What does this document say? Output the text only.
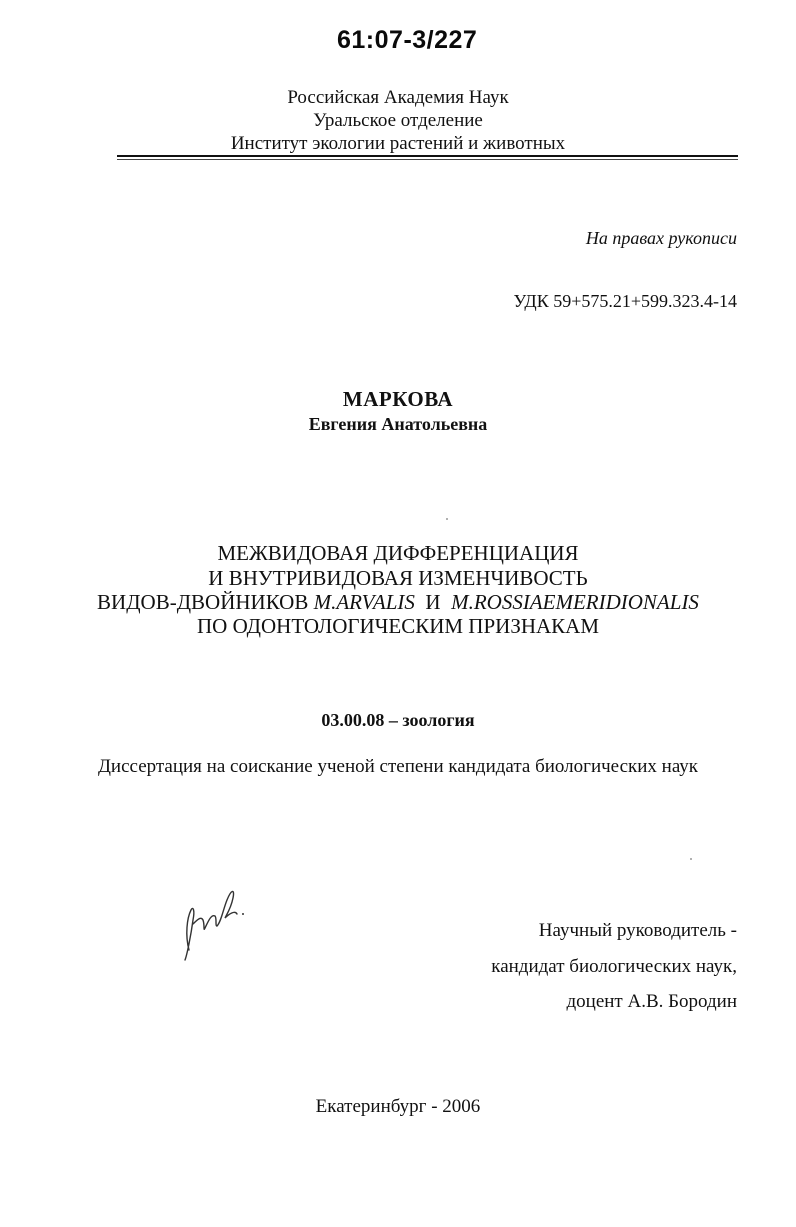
61:07-3/227
Российская Академия Наук
Уральское отделение
Институт экологии растений и животных
На правах рукописи
УДК 59+575.21+599.323.4-14
МАРКОВА
Евгения Анатольевна
МЕЖВИДОВАЯ ДИФФЕРЕНЦИАЦИЯ
И ВНУТРИВИДОВАЯ ИЗМЕНЧИВОСТЬ
ВИДОВ-ДВОЙНИКОВ M.ARVALIS И M.ROSSIAEMERIDIONALIS
ПО ОДОНТОЛОГИЧЕСКИМ ПРИЗНАКАМ
03.00.08 – зоология
Диссертация на соискание ученой степени кандидата биологических наук
Научный руководитель -
кандидат биологических наук,
доцент А.В. Бородин
Екатеринбург - 2006
